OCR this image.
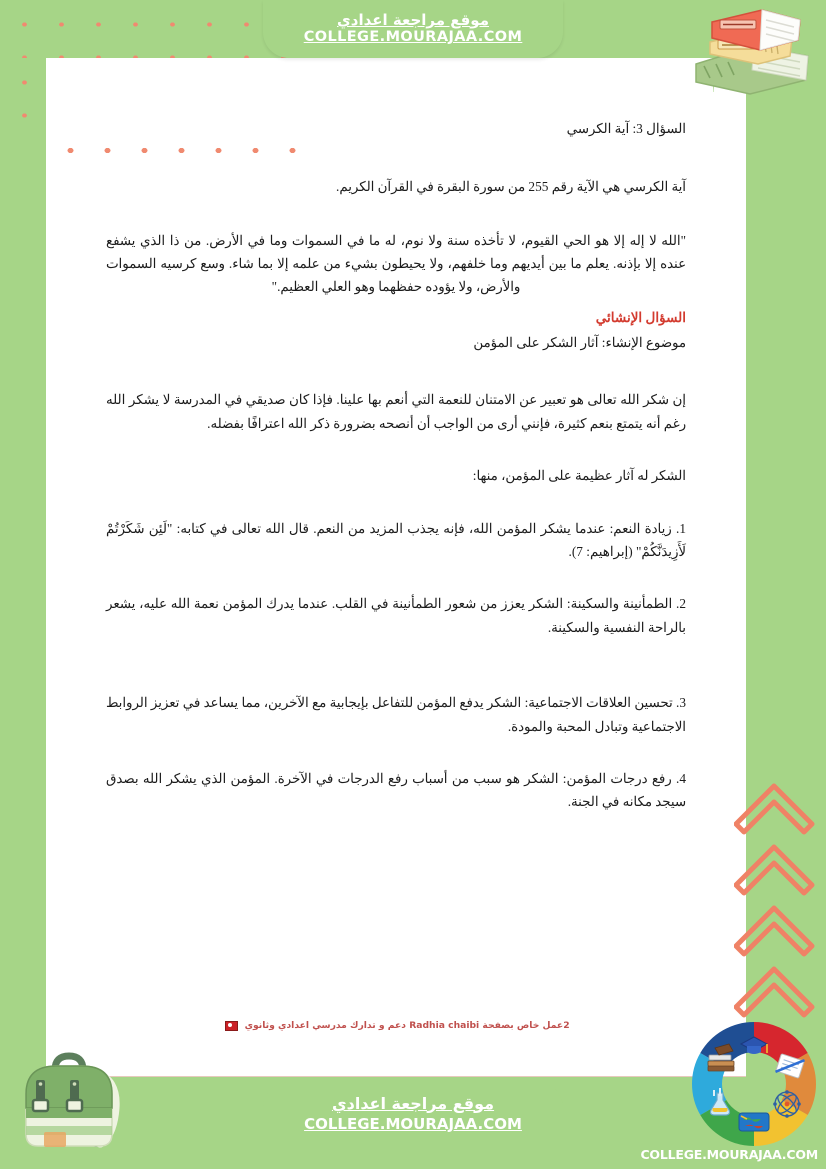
موقع مراجعة اعدادي
COLLEGE.MOURAJAA.COM

السؤال 3: آية الكرسي

آية الكرسي هي الآية رقم 255 من سورة البقرة في القرآن الكريم.

"الله لا إله إلا هو الحي القيوم، لا تأخذه سنة ولا نوم، له ما في السموات وما في الأرض. من ذا الذي يشفع عنده إلا بإذنه. يعلم ما بين أيديهم وما خلفهم، ولا يحيطون بشيء من علمه إلا بما شاء. وسع كرسيه السموات والأرض، ولا يؤوده حفظهما وهو العلي العظيم."

السؤال الإنشائي

موضوع الإنشاء: آثار الشكر على المؤمن

إن شكر الله تعالى هو تعبير عن الامتنان للنعمة التي أنعم بها علينا. فإذا كان صديقي في المدرسة لا يشكر الله رغم أنه يتمتع بنعم كثيرة، فإنني أرى من الواجب أن أنصحه بضرورة ذكر الله اعترافًا بفضله.

الشكر له آثار عظيمة على المؤمن، منها:

1. زيادة النعم: عندما يشكر المؤمن الله، فإنه يجذب المزيد من النعم. قال الله تعالى في كتابه: "لَئِن شَكَرْتُمْ لَأَزِيدَنَّكُمْ" (إبراهيم: 7).

2. الطمأنينة والسكينة: الشكر يعزز من شعور الطمأنينة في القلب. عندما يدرك المؤمن نعمة الله عليه، يشعر بالراحة النفسية والسكينة.

3. تحسين العلاقات الاجتماعية: الشكر يدفع المؤمن للتفاعل بإيجابية مع الآخرين، مما يساعد في تعزيز الروابط الاجتماعية وتبادل المحبة والمودة.

4. رفع درجات المؤمن: الشكر هو سبب من أسباب رفع الدرجات في الآخرة. المؤمن الذي يشكر الله بصدق سيجد مكانه في الجنة.

2عمل خاص بصفحة Radhia chaibi دعم و تدارك مدرسي اعدادي وثانوي
موقع مراجعة اعدادي
COLLEGE.MOURAJAA.COM
COLLEGE.MOURAJAA.COM
